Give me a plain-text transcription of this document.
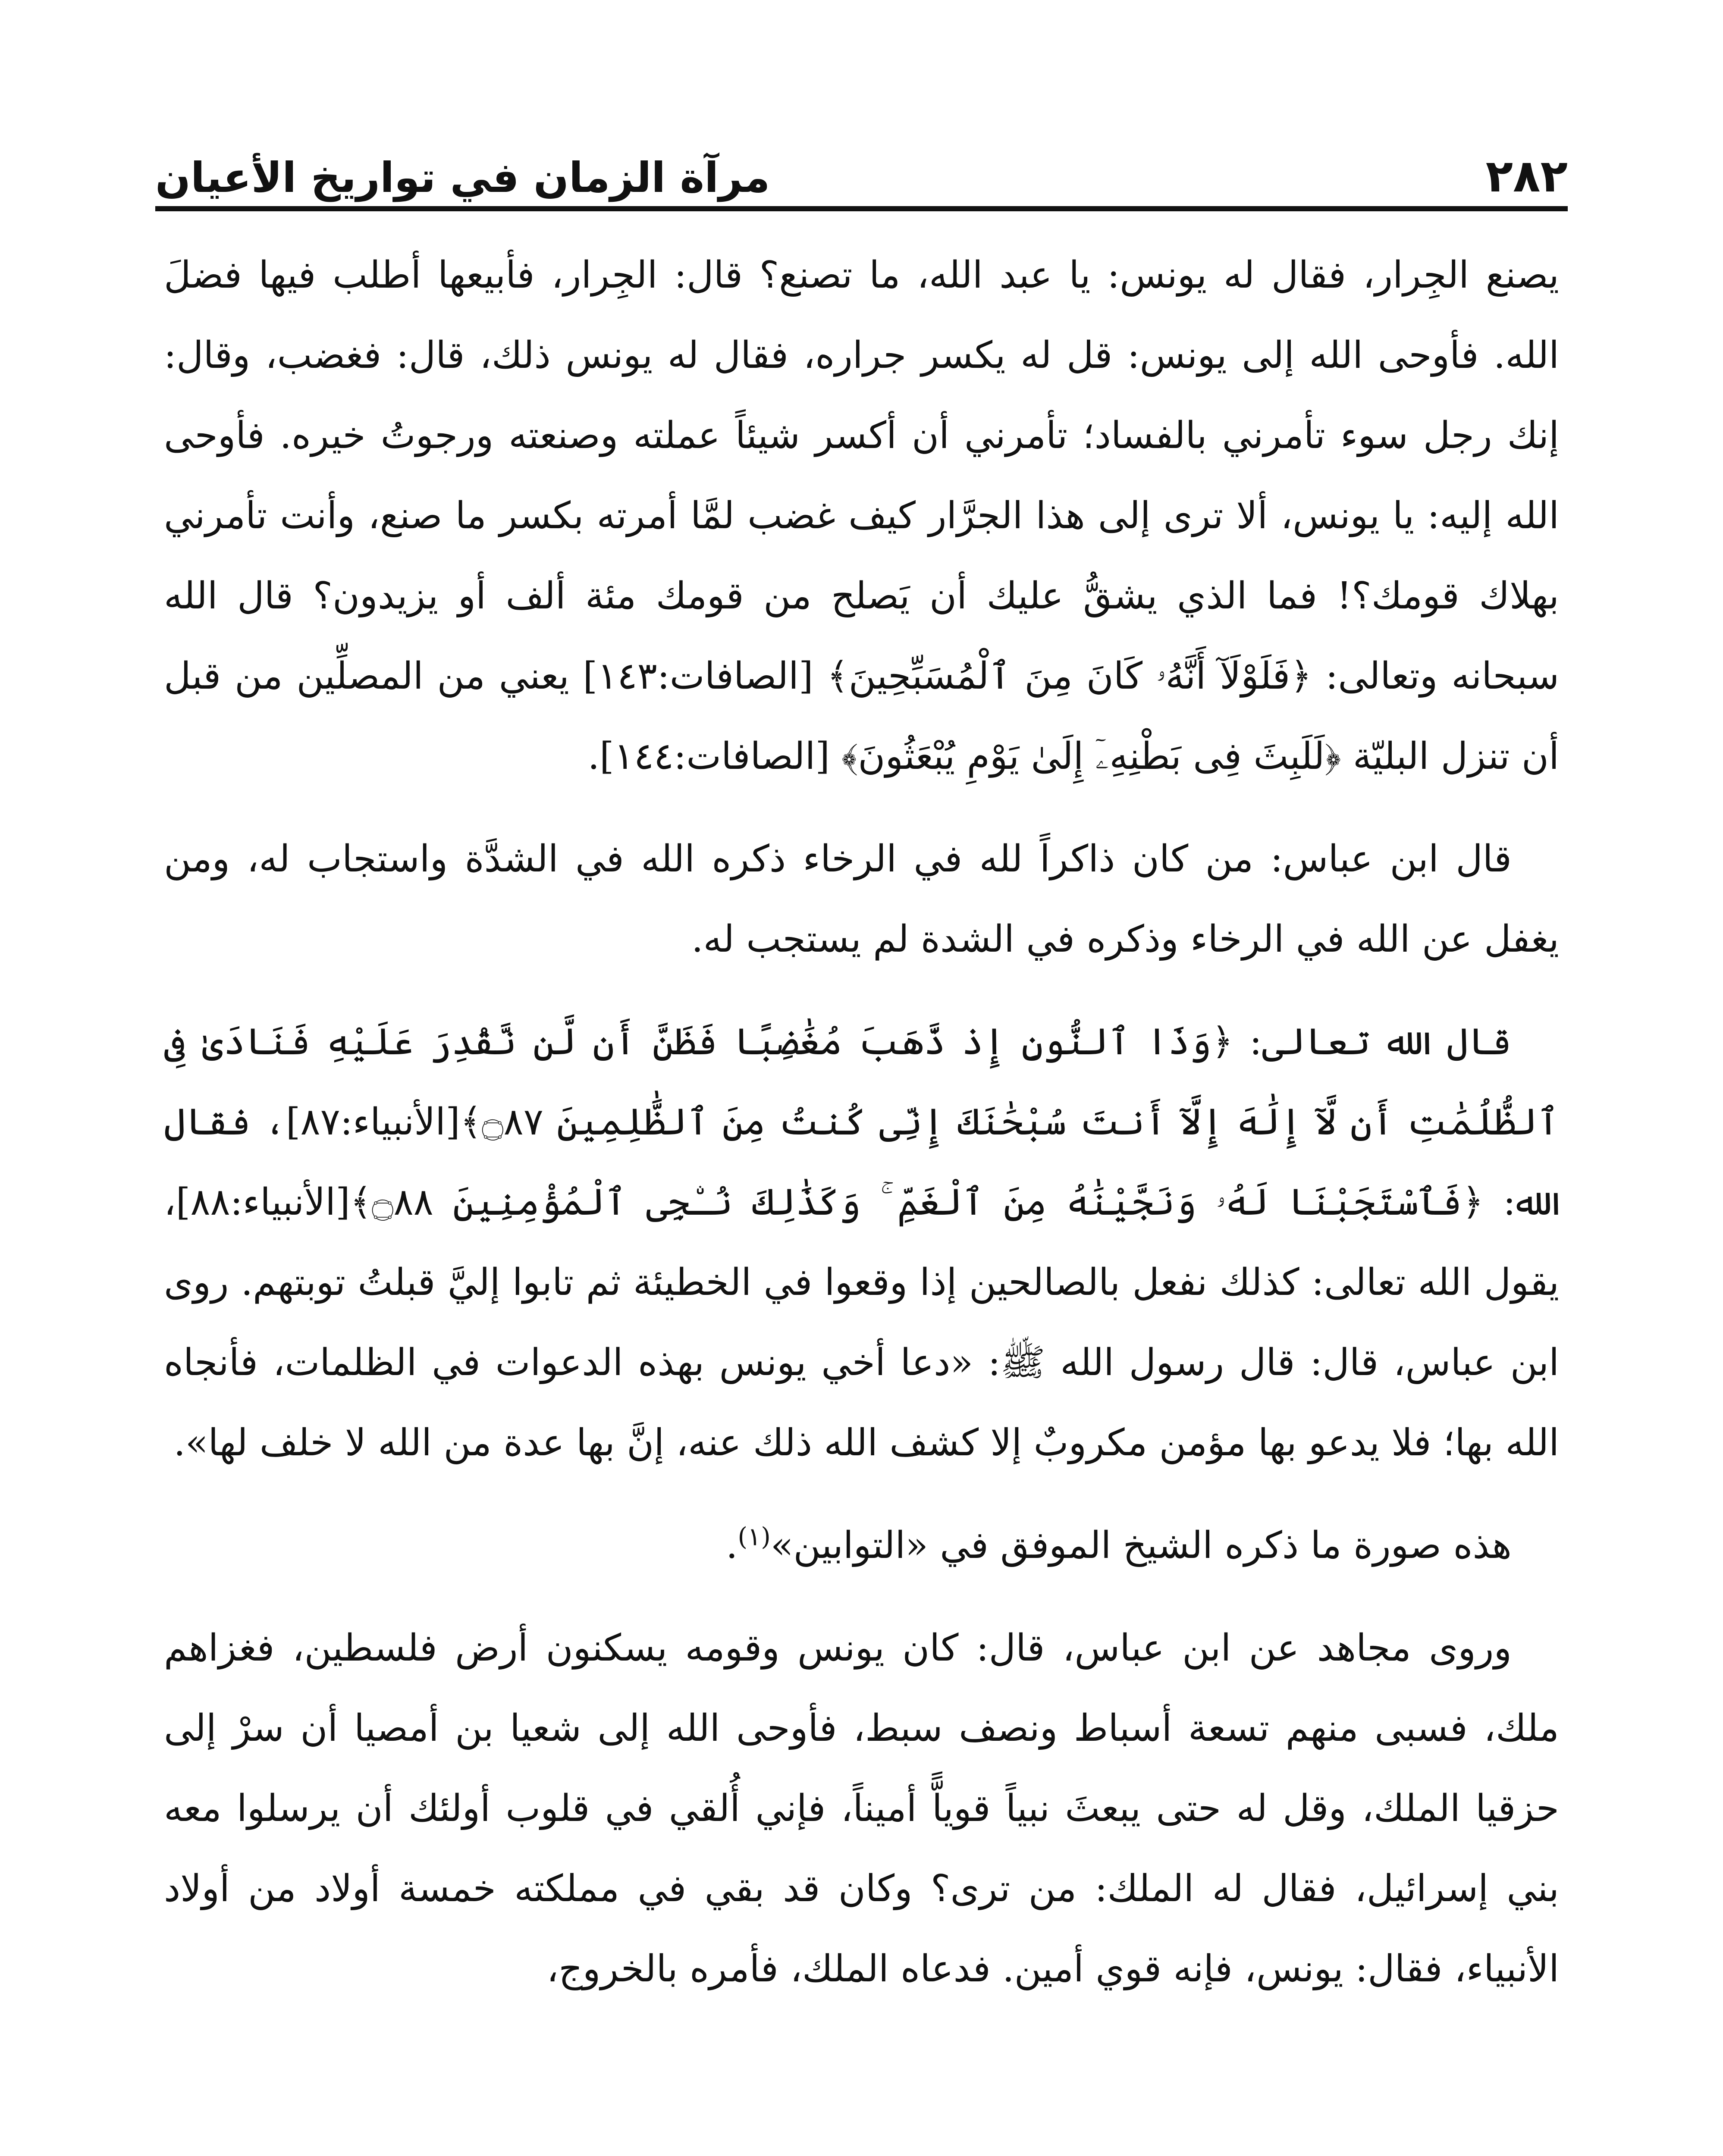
٢٨٢
مرآة الزمان في تواريخ الأعيان

يصنع الجِرار، فقال له يونس: يا عبد الله، ما تصنع؟ قال: الجِرار، فأبيعها أطلب فيها فضلَ الله. فأوحى الله إلى يونس: قل له يكسر جراره، فقال له يونس ذلك، قال: فغضب، وقال: إنك رجل سوء تأمرني بالفساد؛ تأمرني أن أكسر شيئاً عملته وصنعته ورجوتُ خيره. فأوحى الله إليه: يا يونس، ألا ترى إلى هذا الجرَّار كيف غضب لمَّا أمرته بكسر ما صنع، وأنت تأمرني بهلاك قومك؟! فما الذي يشقُّ عليك أن يَصلح من قومك مئة ألف أو يزيدون؟ قال الله سبحانه وتعالى: ﴿فَلَوْلَآ أَنَّهُۥ كَانَ مِنَ ٱلْمُسَبِّحِينَ﴾ [الصافات:١٤٣] يعني من المصلِّين من قبل أن تنزل البليّة ﴿لَلَبِثَ فِى بَطْنِهِۦٓ إِلَىٰ يَوْمِ يُبْعَثُونَ﴾ [الصافات:١٤٤].

قال ابن عباس: من كان ذاكراً لله في الرخاء ذكره الله في الشدَّة واستجاب له، ومن يغفل عن الله في الرخاء وذكره في الشدة لم يستجب له.

قال الله تعالى: ﴿وَذَا ٱلنُّونِ إِذ ذَّهَبَ مُغَٰضِبًا فَظَنَّ أَن لَّن نَّقْدِرَ عَلَيْهِ فَنَادَىٰ فِى ٱلظُّلُمَٰتِ أَن لَّآ إِلَٰهَ إِلَّآ أَنتَ سُبْحَٰنَكَ إِنِّى كُنتُ مِنَ ٱلظَّٰلِمِينَ ۝٨٧﴾[الأنبياء:٨٧]، فقال الله: ﴿فَٱسْتَجَبْنَا لَهُۥ وَنَجَّيْنَٰهُ مِنَ ٱلْغَمِّ ۚ وَكَذَٰلِكَ نُـۨجِى ٱلْمُؤْمِنِينَ ۝٨٨﴾[الأنبياء:٨٨]، يقول الله تعالى: كذلك نفعل بالصالحين إذا وقعوا في الخطيئة ثم تابوا إليَّ قبلتُ توبتهم. روى ابن عباس، قال: قال رسول الله ﷺ: «دعا أخي يونس بهذه الدعوات في الظلمات، فأنجاه الله بها؛ فلا يدعو بها مؤمن مكروبٌ إلا كشف الله ذلك عنه، إنَّ بها عدة من الله لا خلف لها».

هذه صورة ما ذكره الشيخ الموفق في «التوابين»$^{(١)}$.

وروى مجاهد عن ابن عباس، قال: كان يونس وقومه يسكنون أرض فلسطين، فغزاهم ملك، فسبى منهم تسعة أسباط ونصف سبط، فأوحى الله إلى شعيا بن أمصيا أن سرْ إلى حزقيا الملك، وقل له حتى يبعثَ نبياً قوياًّ أميناً، فإني أُلقي في قلوب أولئك أن يرسلوا معه بني إسرائيل، فقال له الملك: من ترى؟ وكان قد بقي في مملكته خمسة أولاد من أولاد الأنبياء، فقال: يونس، فإنه قوي أمين. فدعاه الملك، فأمره بالخروج،
